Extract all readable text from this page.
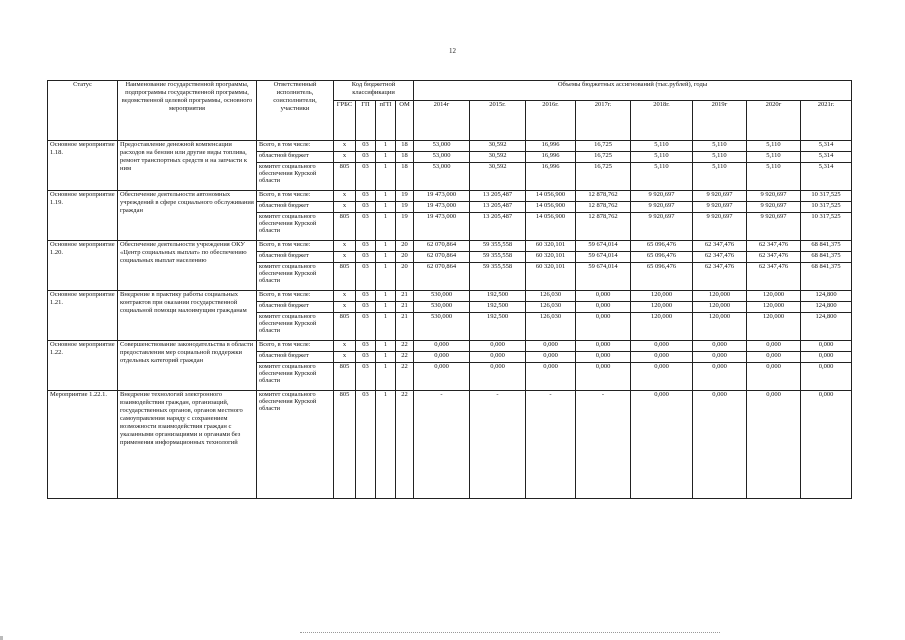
12
Статус	Наименование государственной программы, подпрограммы государственной программы, ведомственной целевой программы, основного мероприятия	Ответственный исполнитель, соисполнители, участники	Код бюджетной классификации				Объемы бюджетных ассигнований (тыс.рублей), годы							
			ГРБС	ГП	пГП	ОМ	2014г	2015г.	2016г.	2017г.	2018г.	2019г	2020г	2021г.
Основное мероприятие 1.18.	Предоставление денежной компенсации расходов на бензин или другие виды топлива, ремонт транспортных средств и на запчасти к ним	Всего, в том числе:	x	03	1	18	53,000	30,592	16,996	16,725	5,110	5,110	5,110	5,314
		областной бюджет	x	03	1	18	53,000	30,592	16,996	16,725	5,110	5,110	5,110	5,314
		комитет социального обеспечения Курской области	805	03	1	18	53,000	30,592	16,996	16,725	5,110	5,110	5,110	5,314
Основное мероприятие 1.19.	Обеспечение деятельности автономных учреждений в сфере социального обслуживания граждан	Всего, в том числе:	x	03	1	19	19 473,000	13 205,487	14 056,900	12 878,762	9 920,697	9 920,697	9 920,697	10 317,525
		областной бюджет	x	03	1	19	19 473,000	13 205,487	14 056,900	12 878,762	9 920,697	9 920,697	9 920,697	10 317,525
		комитет социального обеспечения Курской области	805	03	1	19	19 473,000	13 205,487	14 056,900	12 878,762	9 920,697	9 920,697	9 920,697	10 317,525
Основное мероприятие 1.20.	Обеспечение деятельности учреждения ОКУ «Центр социальных выплат» по обеспечению социальных выплат населению	Всего, в том числе:	x	03	1	20	62 070,864	59 355,558	60 320,101	59 674,014	65 096,476	62 347,476	62 347,476	68 841,375
		областной бюджет	x	03	1	20	62 070,864	59 355,558	60 320,101	59 674,014	65 096,476	62 347,476	62 347,476	68 841,375
		комитет социального обеспечения Курской области	805	03	1	20	62 070,864	59 355,558	60 320,101	59 674,014	65 096,476	62 347,476	62 347,476	68 841,375
Основное мероприятие 1.21.	Внедрение в практику работы социальных контрактов при оказании государственной социальной помощи малоимущим гражданам	Всего, в том числе:	x	03	1	21	530,000	192,500	126,030	0,000	120,000	120,000	120,000	124,800
		областной бюджет	x	03	1	21	530,000	192,500	126,030	0,000	120,000	120,000	120,000	124,800
		комитет социального обеспечения Курской области	805	03	1	21	530,000	192,500	126,030	0,000	120,000	120,000	120,000	124,800
Основное мероприятие 1.22.	Совершенствование законодательства в области предоставления мер социальной поддержки отдельных категорий граждан	Всего, в том числе:	x	03	1	22	0,000	0,000	0,000	0,000	0,000	0,000	0,000	0,000
		областной бюджет	x	03	1	22	0,000	0,000	0,000	0,000	0,000	0,000	0,000	0,000
		комитет социального обеспечения Курской области	805	03	1	22	0,000	0,000	0,000	0,000	0,000	0,000	0,000	0,000
Мероприятие 1.22.1.	Внедрение технологий электронного взаимодействия граждан, организаций, государственных органов, органов местного самоуправления наряду с сохранением возможности взаимодействия граждан с указанными организациями и органами без применения информационных технологий	комитет социального обеспечения Курской области	805	03	1	22	-	-	-	-	0,000	0,000	0,000	0,000
